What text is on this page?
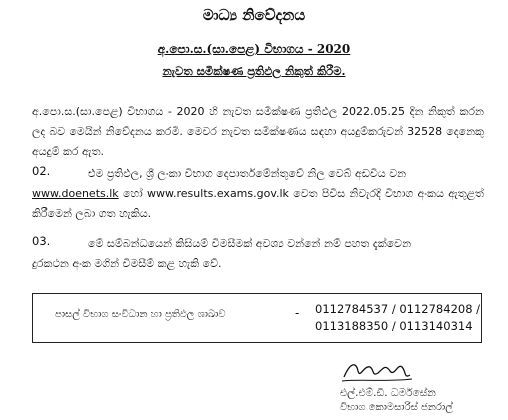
මාධ්‍ය නිවේදනය
අ.පො.ස.(සා.පෙළ) විභාගය - 2020
නැවත සමීක්ෂණ ප්‍රතිඵල නිකුත් කිරීම.
අ.පො.ස.(සා.පෙළ) විභාගය - 2020 හි නැවත සමීක්ෂණ ප්‍රතිඵල 2022.05.25 දින නිකුත් කරන ලද බව මෙයින් නිවේදනය කරමි. මෙවර නැවත සමීක්ෂණය සඳහා අයදුම්කරුවන් 32528 දෙනෙකු අයදුම් කර ඇත.
02.	එම ප්‍රතිඵල, ශ්‍රී ලංකා විභාග දෙපාර්තමේන්තුවේ නිල වෙබ් අඩවිය වන
www.doenets.lk හෝ www.results.exams.gov.lk වෙත පිවිස නිවැරදි විභාග අංකය ඇතුළත් කිරීමෙන් ලබා ගත හැකිය.
03.	මේ සම්බන්ධයෙන් කිසියම් විමසීමක් අවශ්‍ය වන්නේ නම් පහත දැක්වෙන
දුරකථන අංක මගින් විමසීම් කළ හැකි වේ.
පාසල් විභාග සංවිධාන හා ප්‍රතිඵල ශාඛාව	- 0112784537 / 0112784208 /
0113188350 / 0113140314
එල්.එම්.ඩී. ධර්මසේන
විභාග කොමසාරිස් ජනරාල්
